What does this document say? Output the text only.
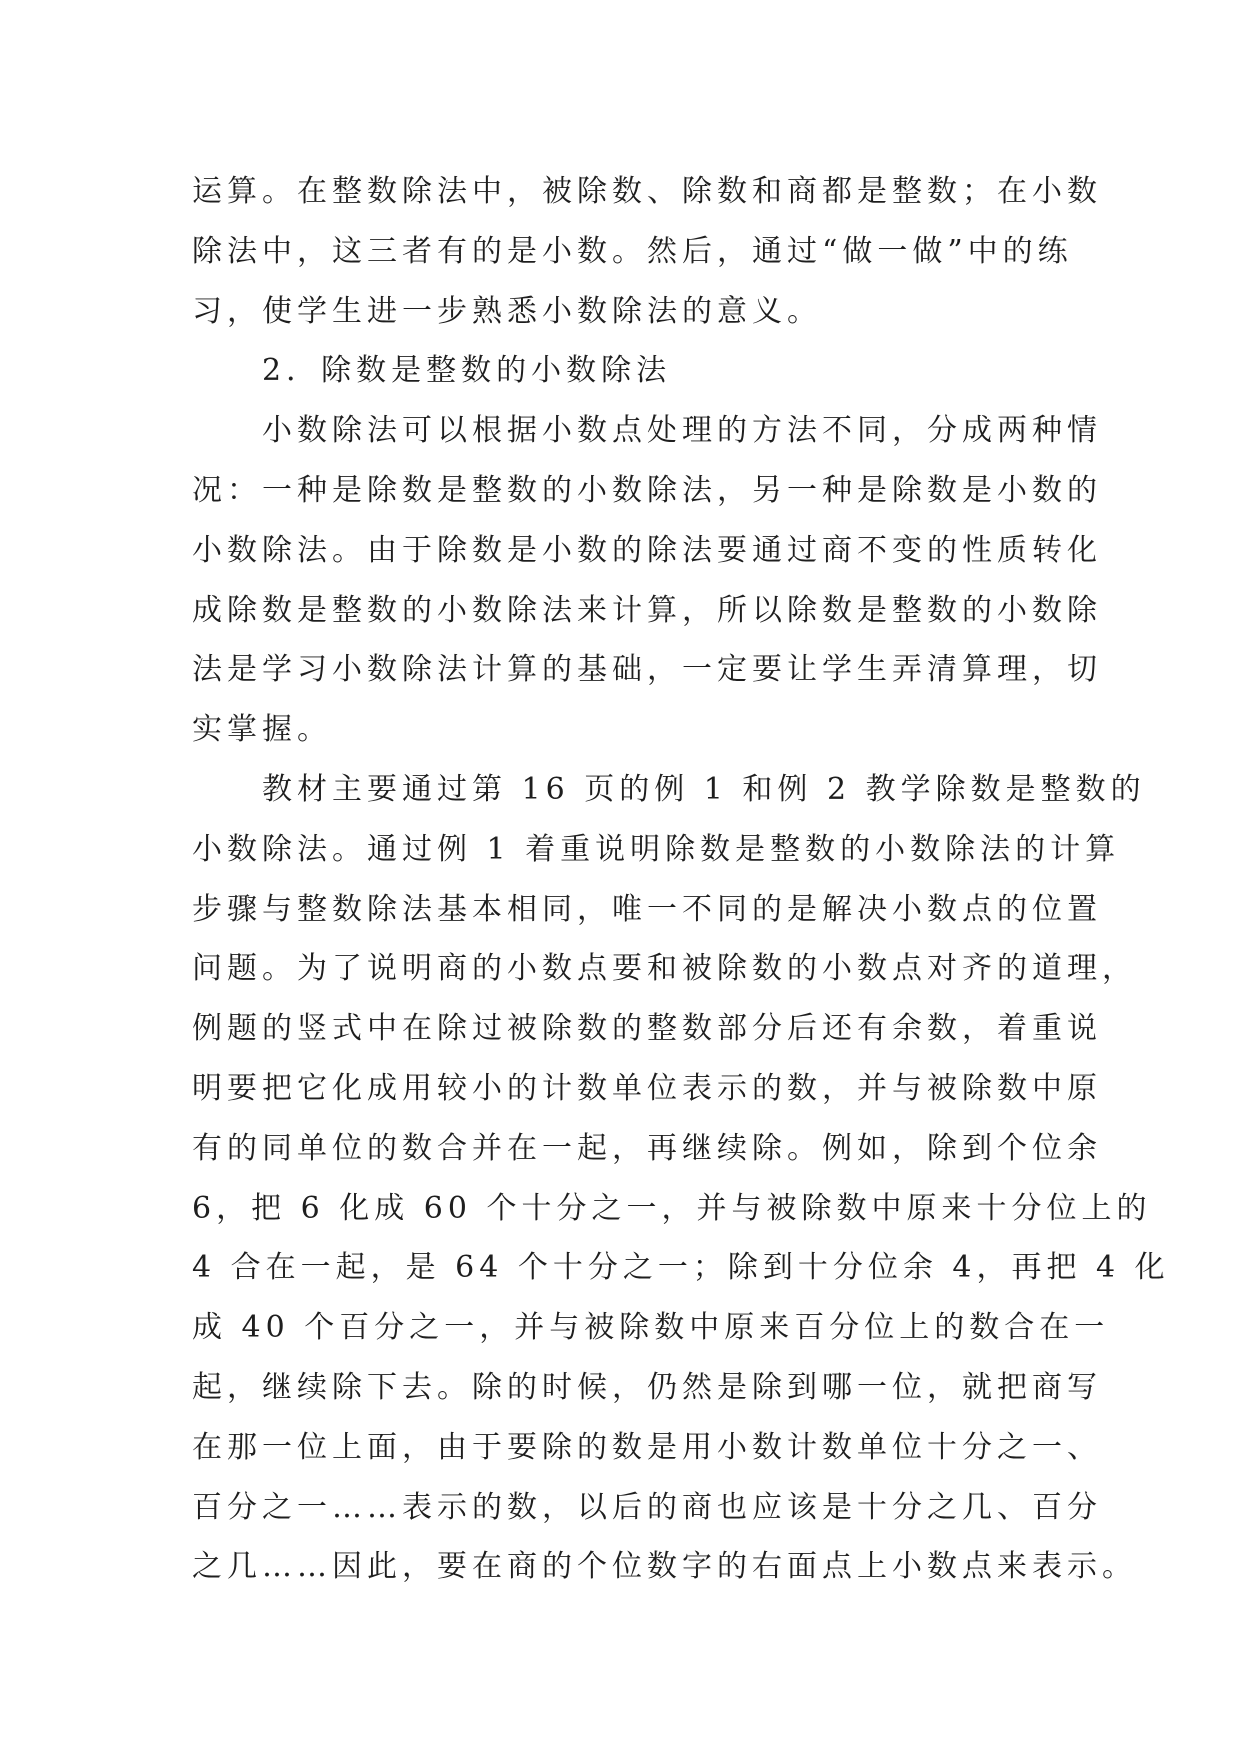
运算。在整数除法中，被除数、除数和商都是整数；在小数
除法中，这三者有的是小数。然后，通过“做一做”中的练
习，使学生进一步熟悉小数除法的意义。
2．除数是整数的小数除法
小数除法可以根据小数点处理的方法不同，分成两种情
况：一种是除数是整数的小数除法，另一种是除数是小数的
小数除法。由于除数是小数的除法要通过商不变的性质转化
成除数是整数的小数除法来计算，所以除数是整数的小数除
法是学习小数除法计算的基础，一定要让学生弄清算理，切
实掌握。
教材主要通过第 16 页的例 1 和例 2 教学除数是整数的
小数除法。通过例 1 着重说明除数是整数的小数除法的计算
步骤与整数除法基本相同，唯一不同的是解决小数点的位置
问题。为了说明商的小数点要和被除数的小数点对齐的道理，
例题的竖式中在除过被除数的整数部分后还有余数，着重说
明要把它化成用较小的计数单位表示的数，并与被除数中原
有的同单位的数合并在一起，再继续除。例如，除到个位余
6，把 6 化成 60 个十分之一，并与被除数中原来十分位上的
4 合在一起，是 64 个十分之一；除到十分位余 4，再把 4 化
成 40 个百分之一，并与被除数中原来百分位上的数合在一
起，继续除下去。除的时候，仍然是除到哪一位，就把商写
在那一位上面，由于要除的数是用小数计数单位十分之一、
百分之一……表示的数，以后的商也应该是十分之几、百分
之几……因此，要在商的个位数字的右面点上小数点来表示。
